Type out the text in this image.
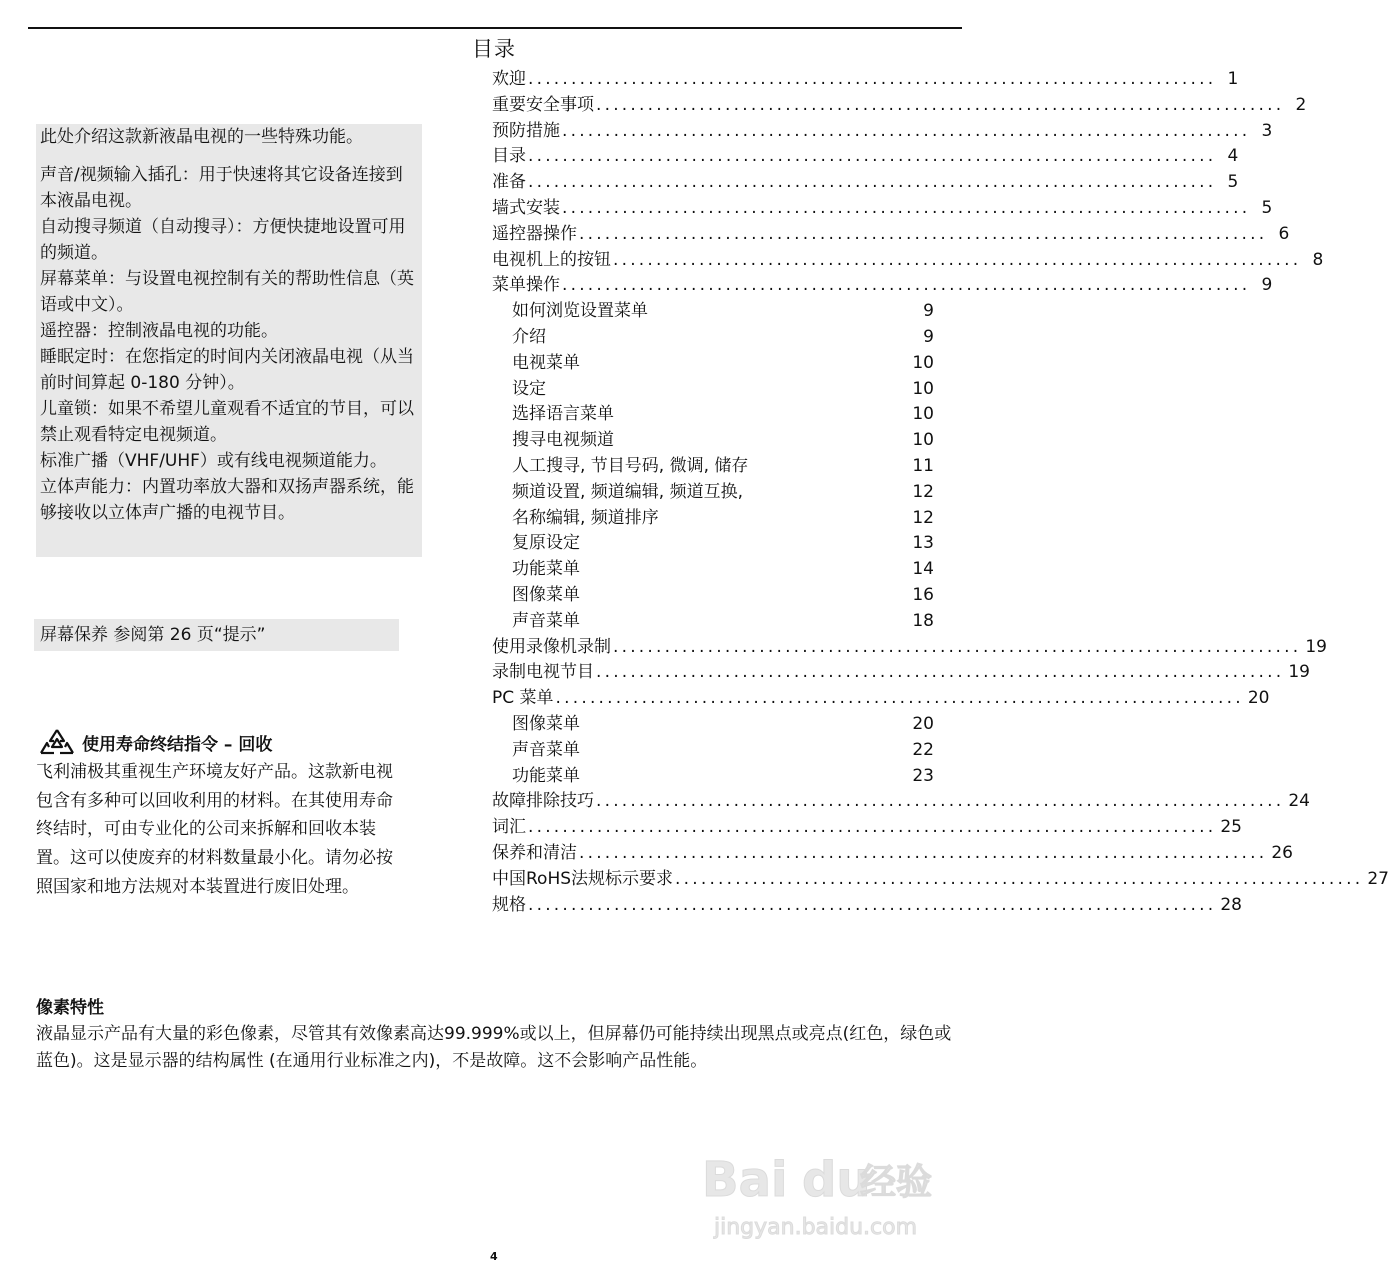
目录

此处介绍这款新液晶电视的一些特殊功能。

声音/视频输入插孔：用于快速将其它设备连接到本液晶电视。

自动搜寻频道（自动搜寻）：方便快捷地设置可用的频道。

屏幕菜单：与设置电视控制有关的帮助性信息（英语或中文）。

遥控器：控制液晶电视的功能。

睡眠定时：在您指定的时间内关闭液晶电视（从当前时间算起 0-180 分钟）。

儿童锁：如果不希望儿童观看不适宜的节目，可以禁止观看特定电视频道。

标准广播（VHF/UHF）或有线电视频道能力。

立体声能力：内置功率放大器和双扬声器系统，能够接收以立体声广播的电视节目。

屏幕保养 参阅第 26 页“提示”
使用寿命终结指令 – 回收
飞利浦极其重视生产环境友好产品。这款新电视包含有多种可以回收利用的材料。在其使用寿命终结时，可由专业化的公司来拆解和回收本装置。这可以使废弃的材料数量最小化。请勿必按照国家和地方法规对本装置进行废旧处理。
欢迎 ................................................................................ 1
重要安全事项 ................................................................................ 2
预防措施 ................................................................................ 3
目录 ................................................................................ 4
准备 ................................................................................ 5
墙式安装 ................................................................................ 5
遥控器操作 ................................................................................ 6
电视机上的按钮 ................................................................................ 8
菜单操作 ................................................................................ 9
如何浏览设置菜单	9
介绍	9
电视菜单	10
设定	10
选择语言菜单	10
搜寻电视频道	10
人工搜寻, 节目号码, 微调, 储存	11
频道设置, 频道编辑, 频道互换,	12
名称编辑, 频道排序	12
复原设定	13
功能菜单	14
图像菜单	16
声音菜单	18
使用录像机录制 ................................................................................ 19
录制电视节目 ................................................................................ 19
PC 菜单 ................................................................................ 20
图像菜单	20
声音菜单	22
功能菜单	23
故障排除技巧 ................................................................................ 24
词汇 ................................................................................ 25
保养和清洁 ................................................................................ 26
中国RoHS法规标示要求 ................................................................................ 27
规格 ................................................................................ 28
像素特性
液晶显示产品有大量的彩色像素，尽管其有效像素高达99.999%或以上，但屏幕仍可能持续出现黑点或亮点(红色，绿色或蓝色)。这是显示器的结构属性 (在通用行业标准之内)，不是故障。这不会影响产品性能。
Bai du
经验
jingyan.baidu.com
4
